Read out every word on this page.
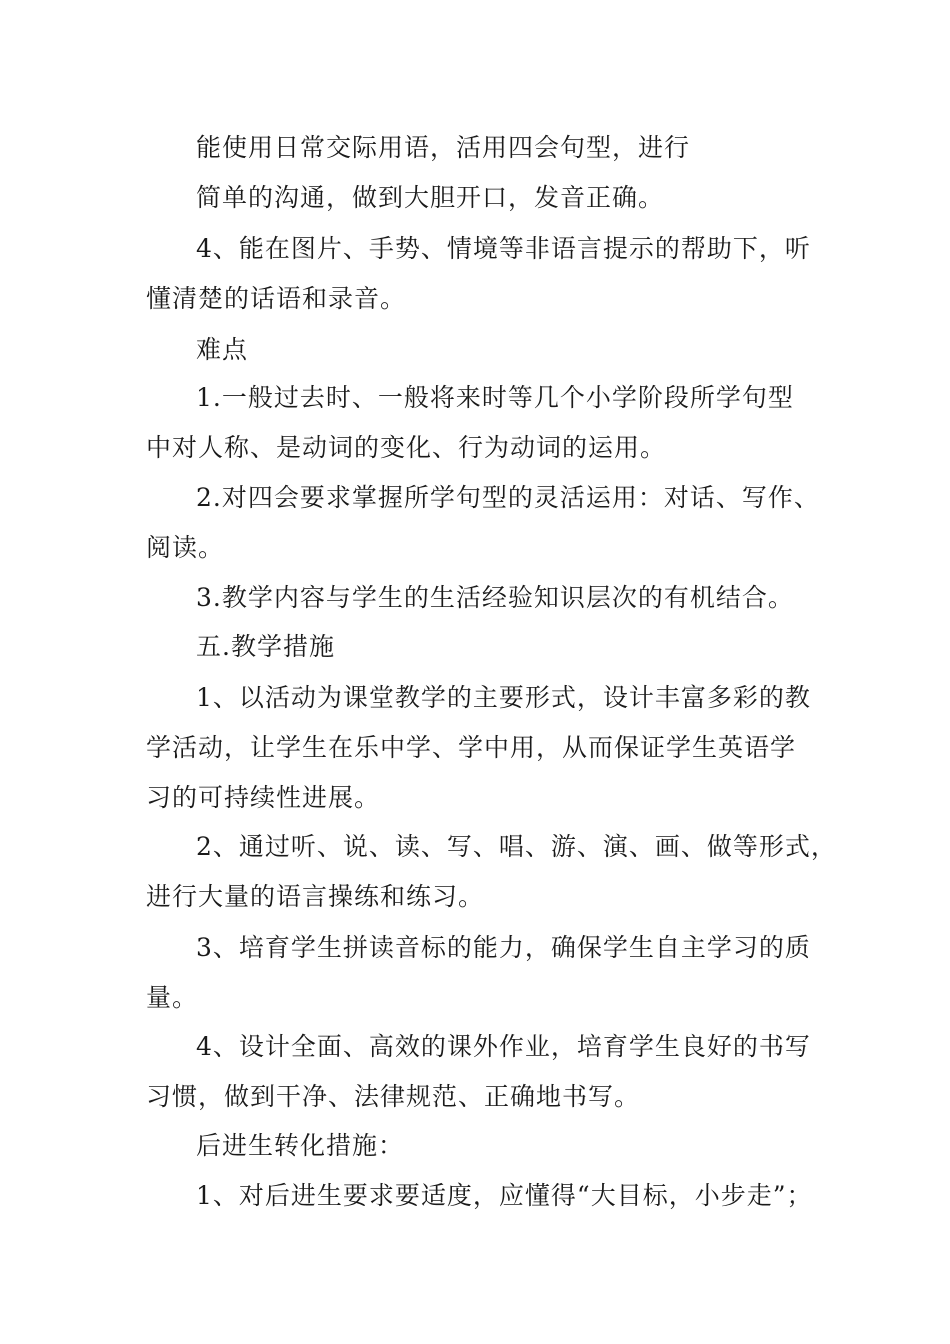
能使用日常交际用语，活用四会句型，进行
简单的沟通，做到大胆开口，发音正确。
4、能在图片、手势、情境等非语言提示的帮助下，听
懂清楚的话语和录音。
难点
1.一般过去时、一般将来时等几个小学阶段所学句型
中对人称、是动词的变化、行为动词的运用。
2.对四会要求掌握所学句型的灵活运用：对话、写作、
阅读。
3.教学内容与学生的生活经验知识层次的有机结合。
五.教学措施
1、以活动为课堂教学的主要形式，设计丰富多彩的教
学活动，让学生在乐中学、学中用，从而保证学生英语学
习的可持续性进展。
2、通过听、说、读、写、唱、游、演、画、做等形式，
进行大量的语言操练和练习。
3、培育学生拼读音标的能力，确保学生自主学习的质
量。
4、设计全面、高效的课外作业，培育学生良好的书写
习惯，做到干净、法律规范、正确地书写。
后进生转化措施：
1、对后进生要求要适度，应懂得“大目标，小步走”；
